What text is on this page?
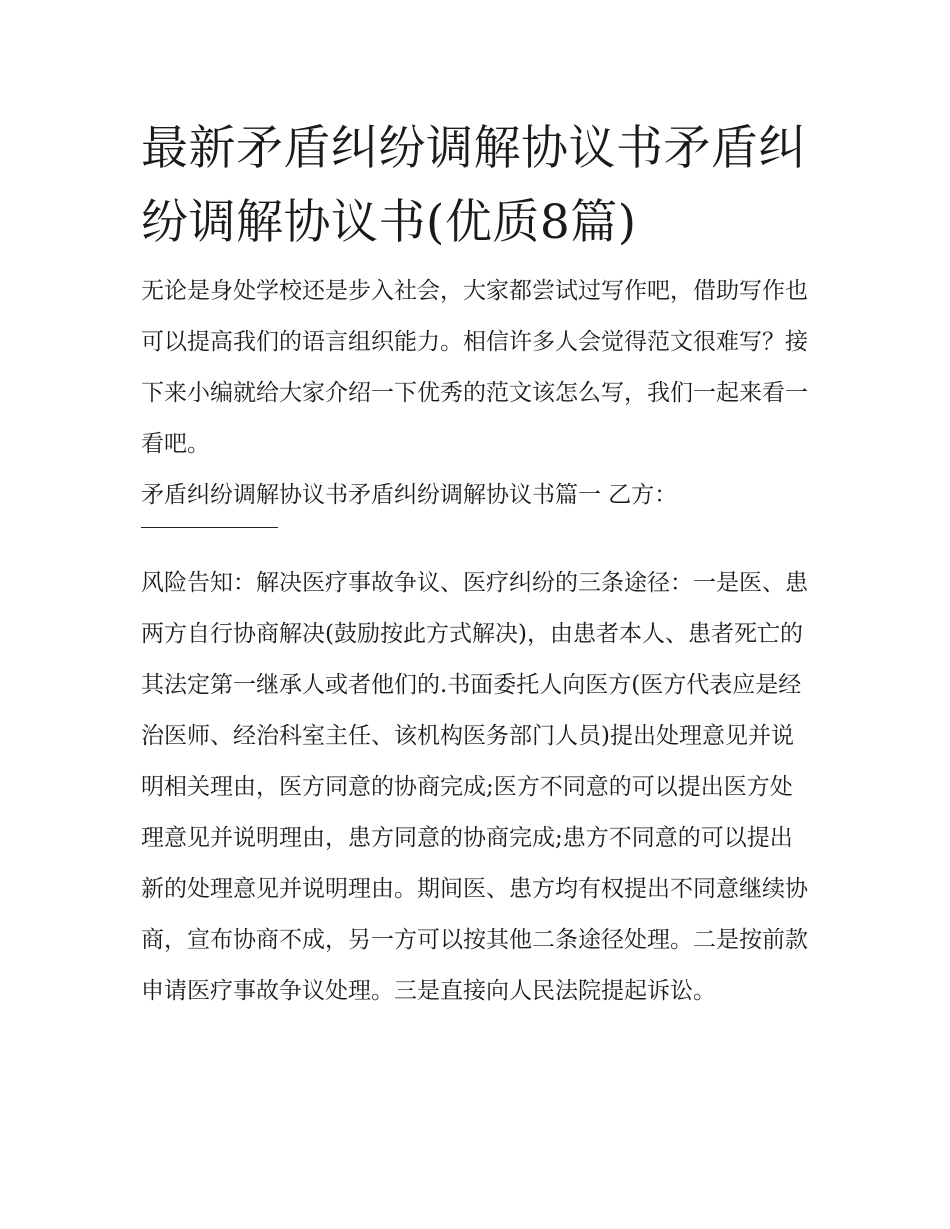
最新矛盾纠纷调解协议书矛盾纠纷调解协议书(优质8篇)

无论是身处学校还是步入社会，大家都尝试过写作吧，借助写作也可以提高我们的语言组织能力。相信许多人会觉得范文很难写？接下来小编就给大家介绍一下优秀的范文该怎么写，我们一起来看一看吧。

矛盾纠纷调解协议书矛盾纠纷调解协议书篇一 乙方：

风险告知：解决医疗事故争议、医疗纠纷的三条途径：一是医、患两方自行协商解决(鼓励按此方式解决)，由患者本人、患者死亡的其法定第一继承人或者他们的.书面委托人向医方(医方代表应是经治医师、经治科室主任、该机构医务部门人员)提出处理意见并说明相关理由，医方同意的协商完成;医方不同意的可以提出医方处理意见并说明理由，患方同意的协商完成;患方不同意的可以提出新的处理意见并说明理由。期间医、患方均有权提出不同意继续协商，宣布协商不成，另一方可以按其他二条途径处理。二是按前款申请医疗事故争议处理。三是直接向人民法院提起诉讼。
